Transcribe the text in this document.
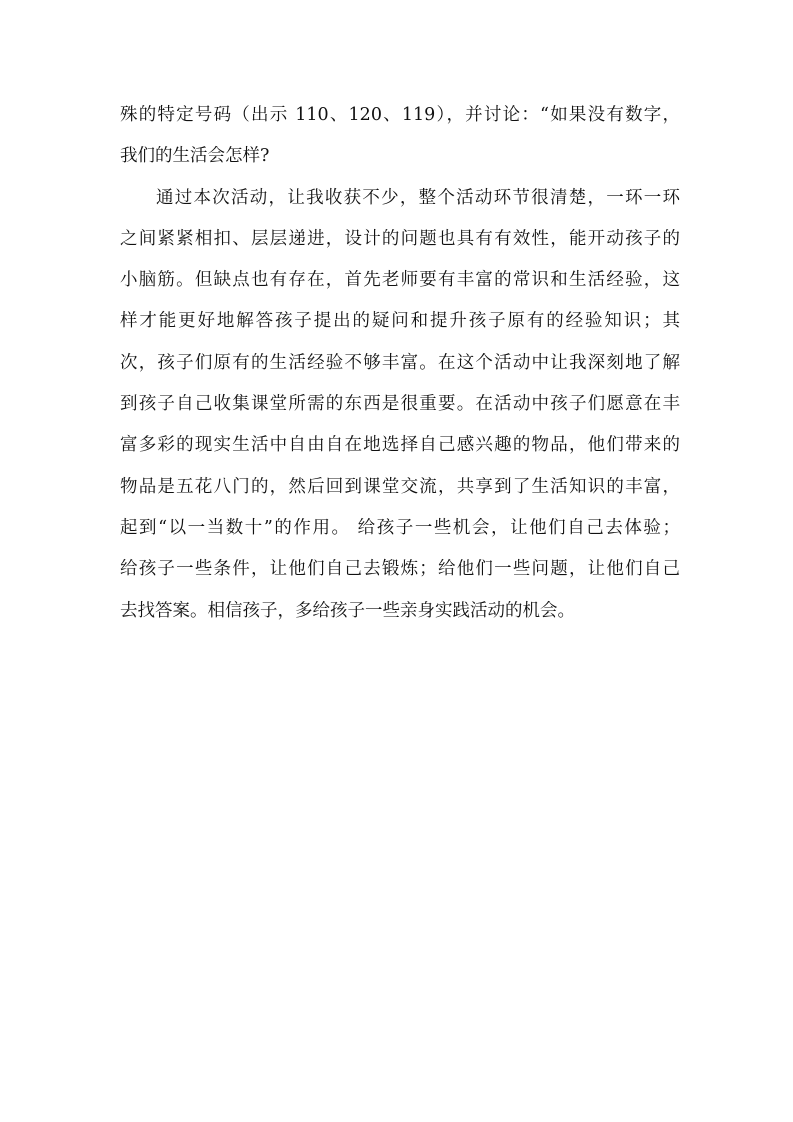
殊的特定号码（出示 110、120、119），并讨论：“如果没有数字，
我们的生活会怎样?
通过本次活动，让我收获不少，整个活动环节很清楚，一环一环
之间紧紧相扣、层层递进，设计的问题也具有有效性，能开动孩子的
小脑筋。但缺点也有存在，首先老师要有丰富的常识和生活经验，这
样才能更好地解答孩子提出的疑问和提升孩子原有的经验知识；其
次，孩子们原有的生活经验不够丰富。在这个活动中让我深刻地了解
到孩子自己收集课堂所需的东西是很重要。在活动中孩子们愿意在丰
富多彩的现实生活中自由自在地选择自己感兴趣的物品，他们带来的
物品是五花八门的，然后回到课堂交流，共享到了生活知识的丰富，
起到“以一当数十”的作用。 给孩子一些机会，让他们自己去体验；
给孩子一些条件，让他们自己去锻炼；给他们一些问题，让他们自己
去找答案。相信孩子，多给孩子一些亲身实践活动的机会。
